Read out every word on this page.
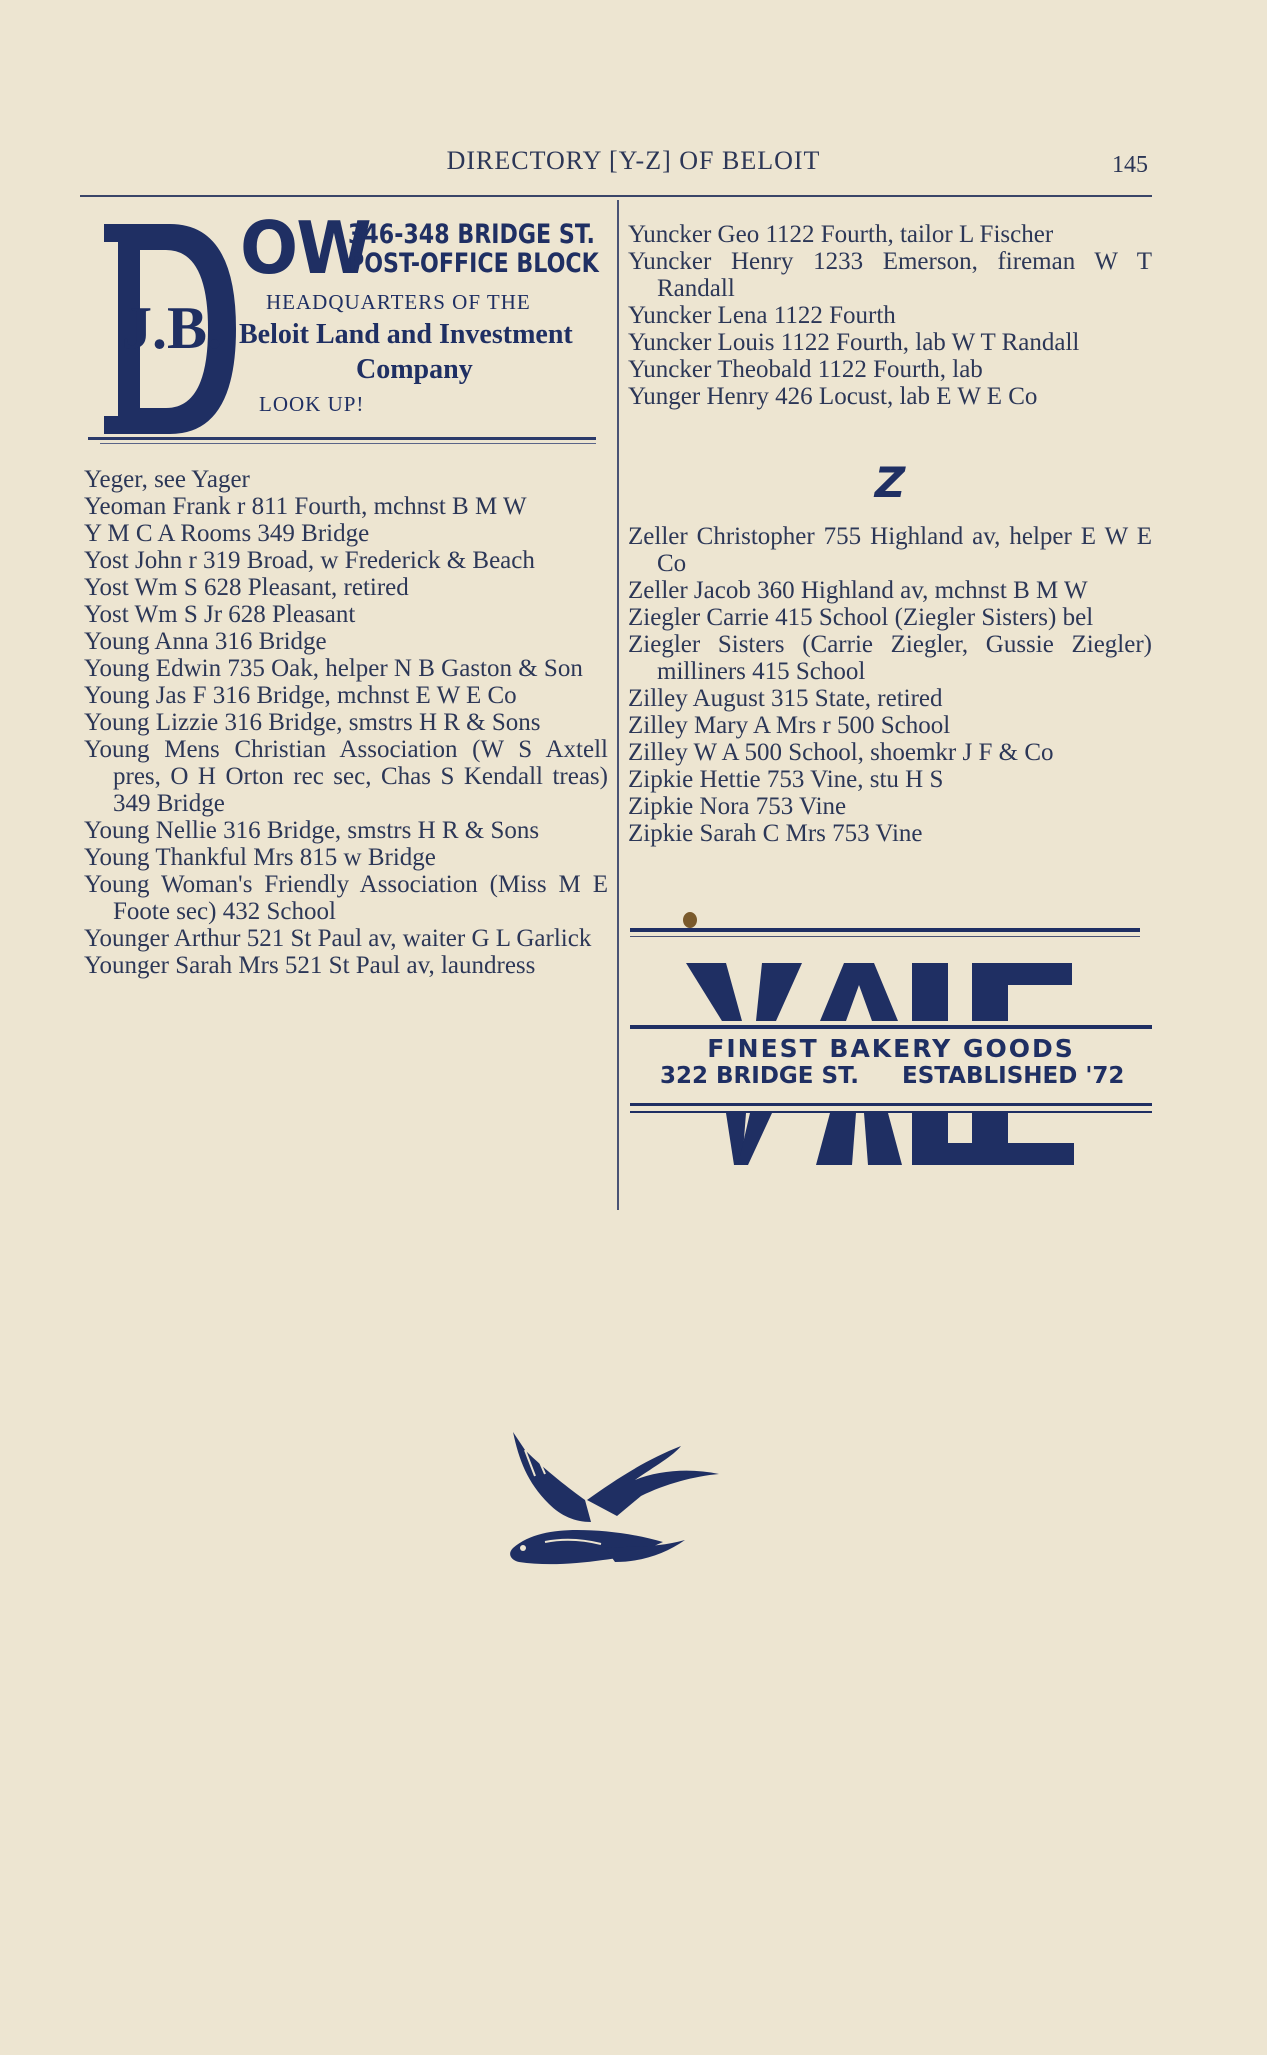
DIRECTORY [Y-Z] OF BELOIT	145
J.B.
OW
346-348 BRIDGE ST.
POST-OFFICE BLOCK
HEADQUARTERS OF THE
Beloit Land and Investment
Company
LOOK UP!
Yeger, see Yager
Yeoman Frank r 811 Fourth, mchnst B M W
Y M C A Rooms 349 Bridge
Yost John r 319 Broad, w Frederick & Beach
Yost Wm S 628 Pleasant, retired
Yost Wm S Jr 628 Pleasant
Young Anna 316 Bridge
Young Edwin 735 Oak, helper N B Gaston & Son
Young Jas F 316 Bridge, mchnst E W E Co
Young Lizzie 316 Bridge, smstrs H R & Sons
Young Mens Christian Association (W S Axtell pres, O H Orton rec sec, Chas S Kendall treas) 349 Bridge
Young Nellie 316 Bridge, smstrs H R & Sons
Young Thankful Mrs 815 w Bridge
Young Woman's Friendly Association (Miss M E Foote sec) 432 School
Younger Arthur 521 St Paul av, waiter G L Garlick
Younger Sarah Mrs 521 St Paul av, laundress
Yuncker Geo 1122 Fourth, tailor L Fischer
Yuncker Henry 1233 Emerson, fireman W T Randall
Yuncker Lena 1122 Fourth
Yuncker Louis 1122 Fourth, lab W T Randall
Yuncker Theobald 1122 Fourth, lab
Yunger Henry 426 Locust, lab E W E Co
Z
Zeller Christopher 755 Highland av, helper E W E Co
Zeller Jacob 360 Highland av, mchnst B M W
Ziegler Carrie 415 School (Ziegler Sisters) bel
Ziegler Sisters (Carrie Ziegler, Gussie Ziegler) milliners 415 School
Zilley August 315 State, retired
Zilley Mary A Mrs r 500 School
Zilley W A 500 School, shoemkr J F & Co
Zipkie Hettie 753 Vine, stu H S
Zipkie Nora 753 Vine
Zipkie Sarah C Mrs 753 Vine
FINEST BAKERY GOODS
322 BRIDGE ST. ESTABLISHED '72
